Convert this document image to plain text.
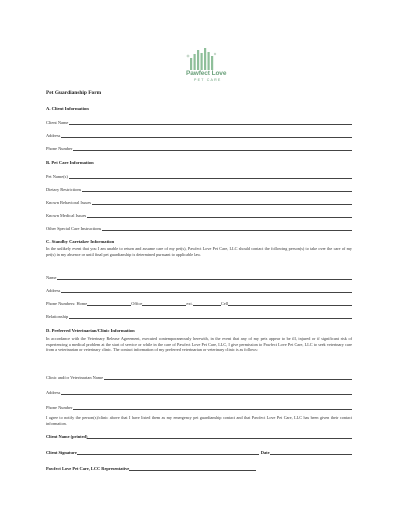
Pawfect Love
PET CARE
Pet Guardianship Form
A. Client Information
Client Name
Address
Phone Number
B. Pet Care Information
Pet Name(s)
Dietary Restrictions
Known Behavioral Issues
Known Medical Issues
Other Special Care Instructions
C. Standby Caretaker Information
In the unlikely event that you I am unable to return and assume care of my pet(s), Pawfect Love Pet Care, LLC should contact the following person(s) to take over the care of my pet(s) in my absence or until final pet guardianship is determined pursuant to applicable law.
Name
Address
Phone Numbers: Home	Office	ext.	Cell
Relationship
D. Preferred Veterinarian/Clinic Information
In accordance with the Veterinary Release Agreement, executed contemporaneously herewith, in the event that any of my pets appear to be ill, injured or if significant risk of experiencing a medical problem at the start of service or while in the care of Pawfect Love Pet Care, LLC, I give permission to Pawfect Love Pet Care, LLC to seek veterinary care from a veterinarian or veterinary clinic. The contact information of my preferred veterinarian or veterinary clinic is as follows:
Clinic and/or Veterinarian Name
Address
Phone Number
I agree to notify the person(s)/clinic above that I have listed them as my emergency pet guardianship contact and that Pawfect Love Pet Care, LLC has been given their contact information.
Client Name (printed)
Client Signature	Date
Pawfect Love Pet Care, LCC Representative
